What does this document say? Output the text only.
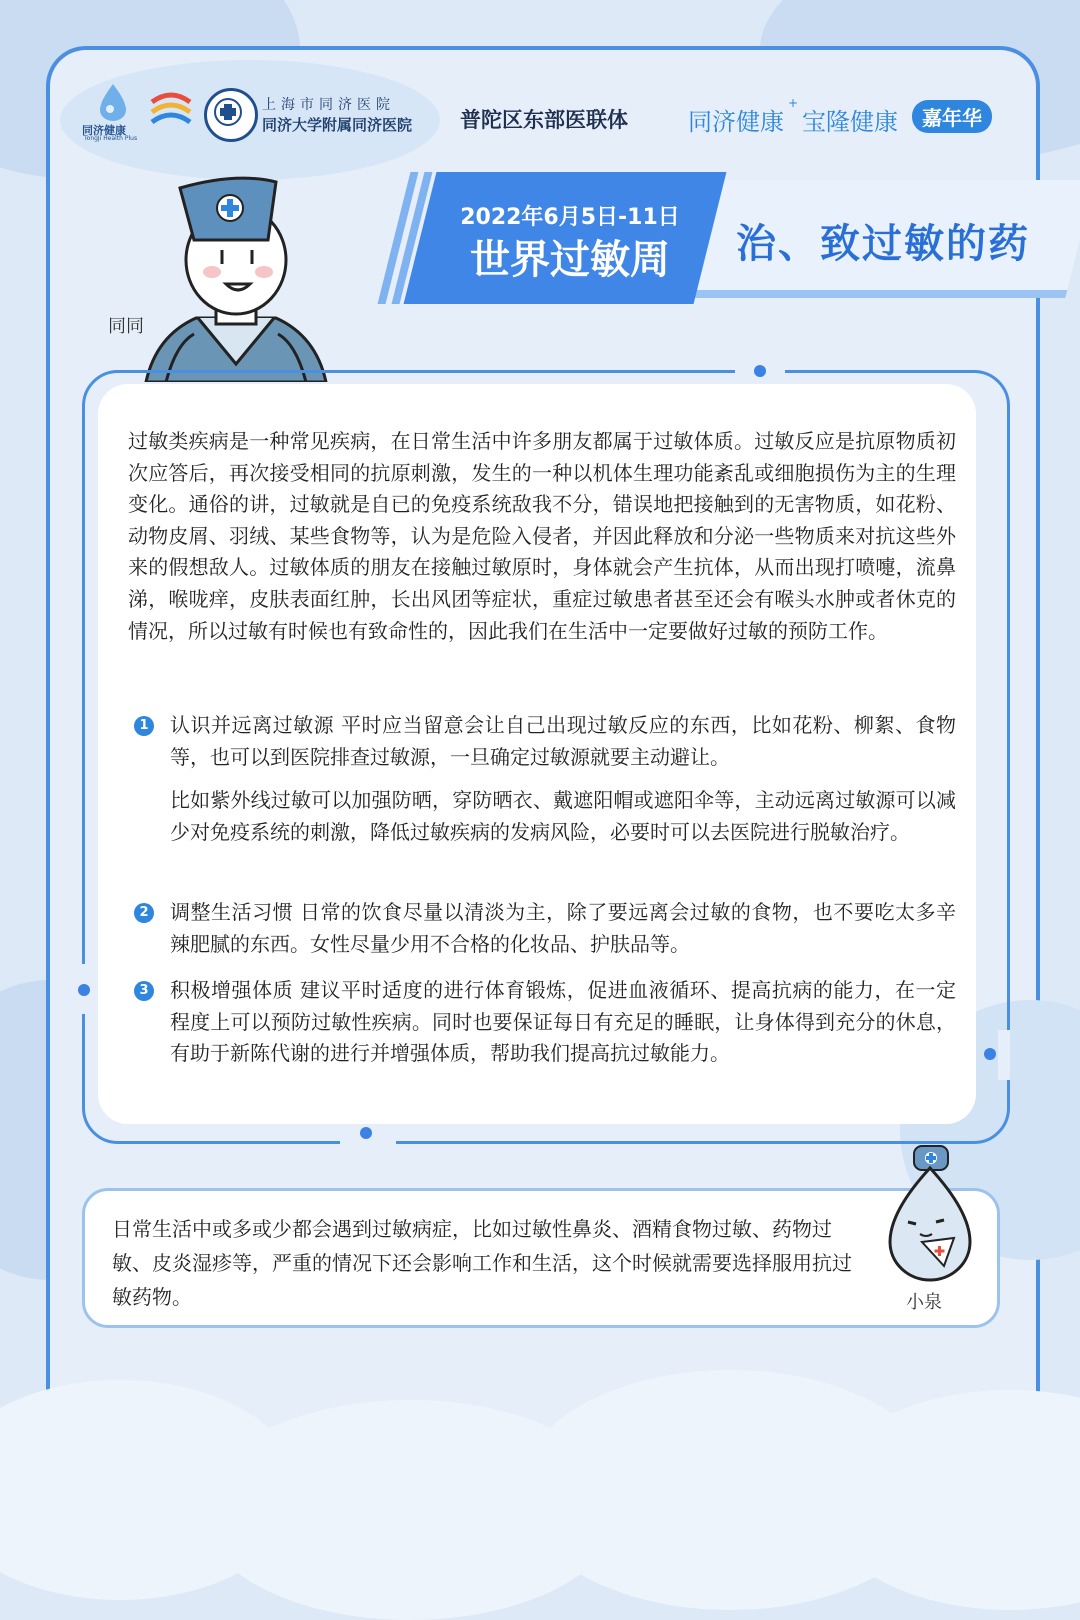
同济健康
TongJi Health Plus
上海市同济医院
同济大学附属同济医院 普陀区东部医联体	同济健康
+
宝隆健康	嘉年华
2022年6月5日-11日
世界过敏周	治、致过敏的药
同同
过敏类疾病是一种常见疾病，在日常生活中许多朋友都属于过敏体质。过敏反应是抗原物质初次应答后，再次接受相同的抗原刺激，发生的一种以机体生理功能紊乱或细胞损伤为主的生理变化。通俗的讲，过敏就是自已的免疫系统敌我不分，错误地把接触到的无害物质，如花粉、动物皮屑、羽绒、某些食物等，认为是危险入侵者，并因此释放和分泌一些物质来对抗这些外来的假想敌人。过敏体质的朋友在接触过敏原时，身体就会产生抗体，从而出现打喷嚏，流鼻涕，喉咙痒，皮肤表面红肿，长出风团等症状，重症过敏患者甚至还会有喉头水肿或者休克的情况，所以过敏有时候也有致命性的，因此我们在生活中一定要做好过敏的预防工作。
1 认识并远离过敏源 平时应当留意会让自己出现过敏反应的东西，比如花粉、柳絮、食物等，也可以到医院排查过敏源，一旦确定过敏源就要主动避让。
比如紫外线过敏可以加强防晒，穿防晒衣、戴遮阳帽或遮阳伞等，主动远离过敏源可以减少对免疫系统的刺激，降低过敏疾病的发病风险，必要时可以去医院进行脱敏治疗。
2 调整生活习惯 日常的饮食尽量以清淡为主，除了要远离会过敏的食物，也不要吃太多辛辣肥腻的东西。女性尽量少用不合格的化妆品、护肤品等。
3 积极增强体质 建议平时适度的进行体育锻炼，促进血液循环、提高抗病的能力，在一定程度上可以预防过敏性疾病。同时也要保证每日有充足的睡眠，让身体得到充分的休息，有助于新陈代谢的进行并增强体质，帮助我们提高抗过敏能力。
日常生活中或多或少都会遇到过敏病症，比如过敏性鼻炎、酒精食物过敏、药物过敏、皮炎湿疹等，严重的情况下还会影响工作和生活，这个时候就需要选择服用抗过敏药物。	小泉
